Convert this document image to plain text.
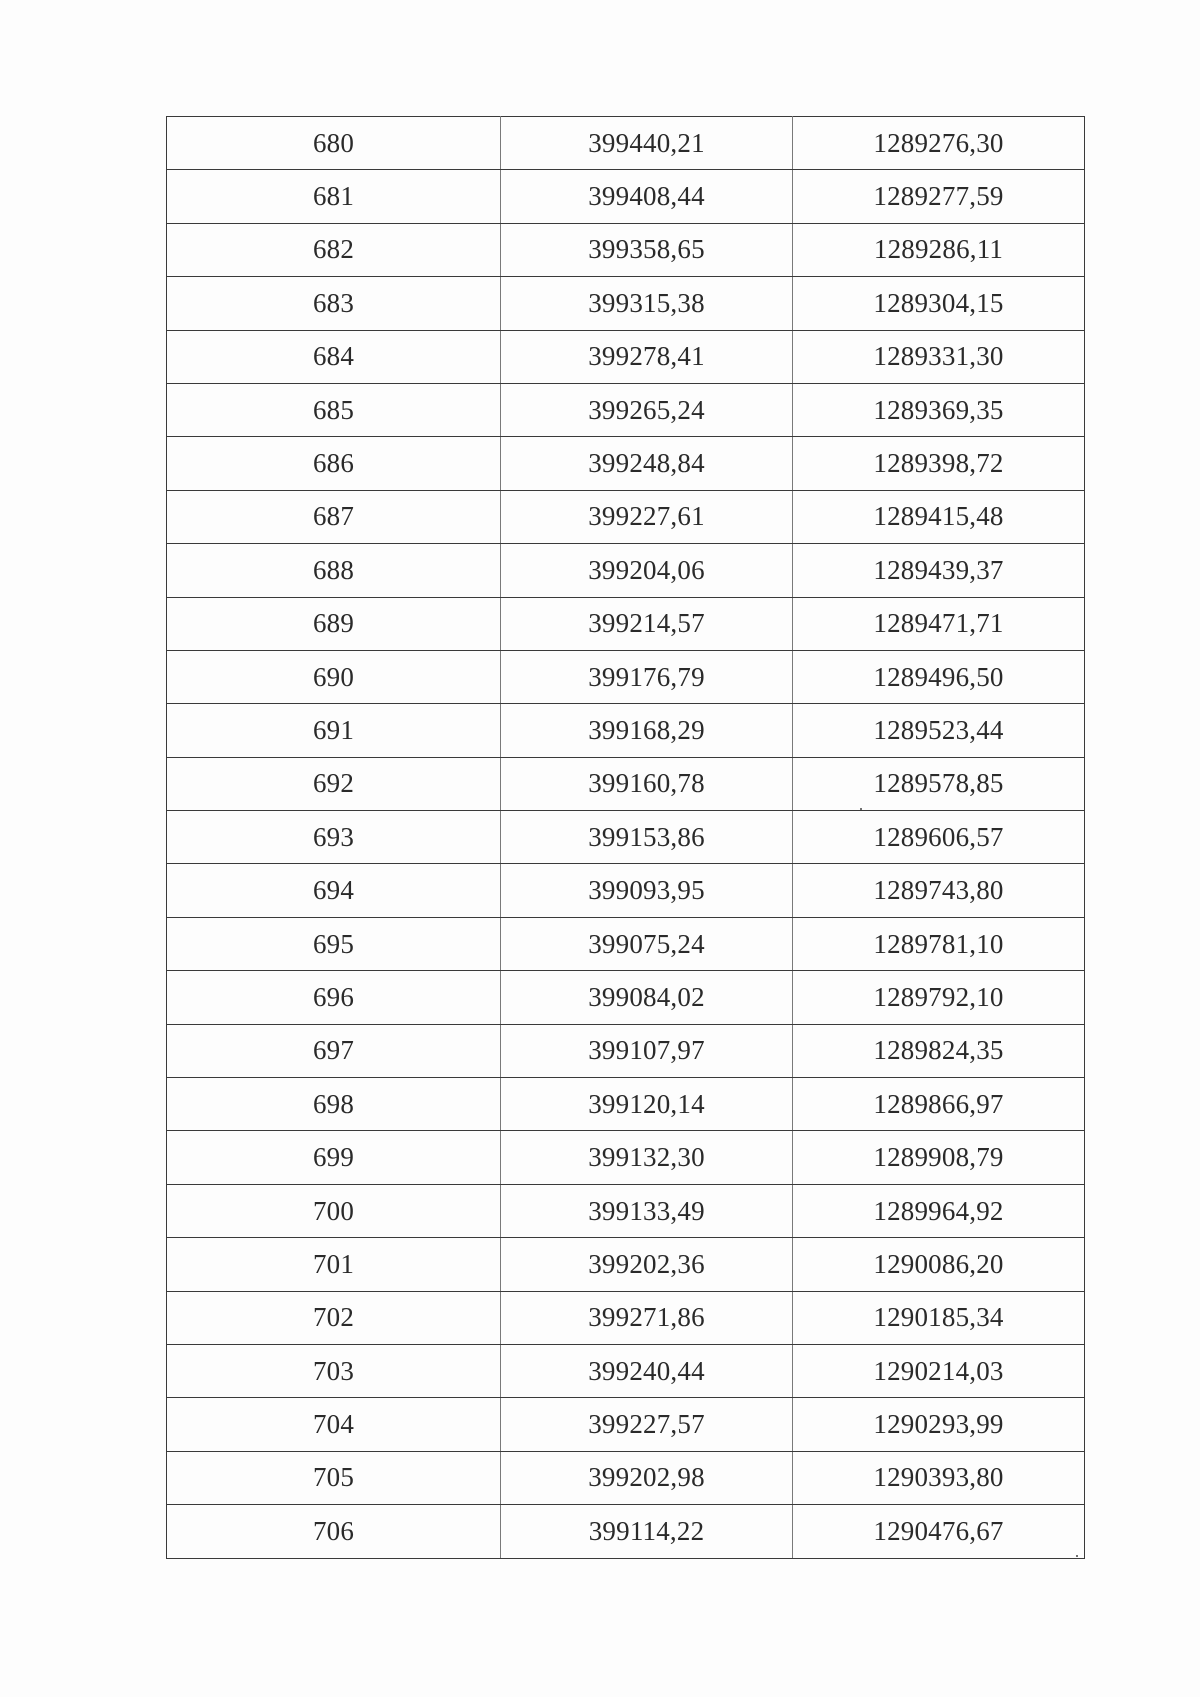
680	399440,21	1289276,30
681	399408,44	1289277,59
682	399358,65	1289286,11
683	399315,38	1289304,15
684	399278,41	1289331,30
685	399265,24	1289369,35
686	399248,84	1289398,72
687	399227,61	1289415,48
688	399204,06	1289439,37
689	399214,57	1289471,71
690	399176,79	1289496,50
691	399168,29	1289523,44
692	399160,78	1289578,85
693	399153,86	1289606,57
694	399093,95	1289743,80
695	399075,24	1289781,10
696	399084,02	1289792,10
697	399107,97	1289824,35
698	399120,14	1289866,97
699	399132,30	1289908,79
700	399133,49	1289964,92
701	399202,36	1290086,20
702	399271,86	1290185,34
703	399240,44	1290214,03
704	399227,57	1290293,99
705	399202,98	1290393,80
706	399114,22	1290476,67
